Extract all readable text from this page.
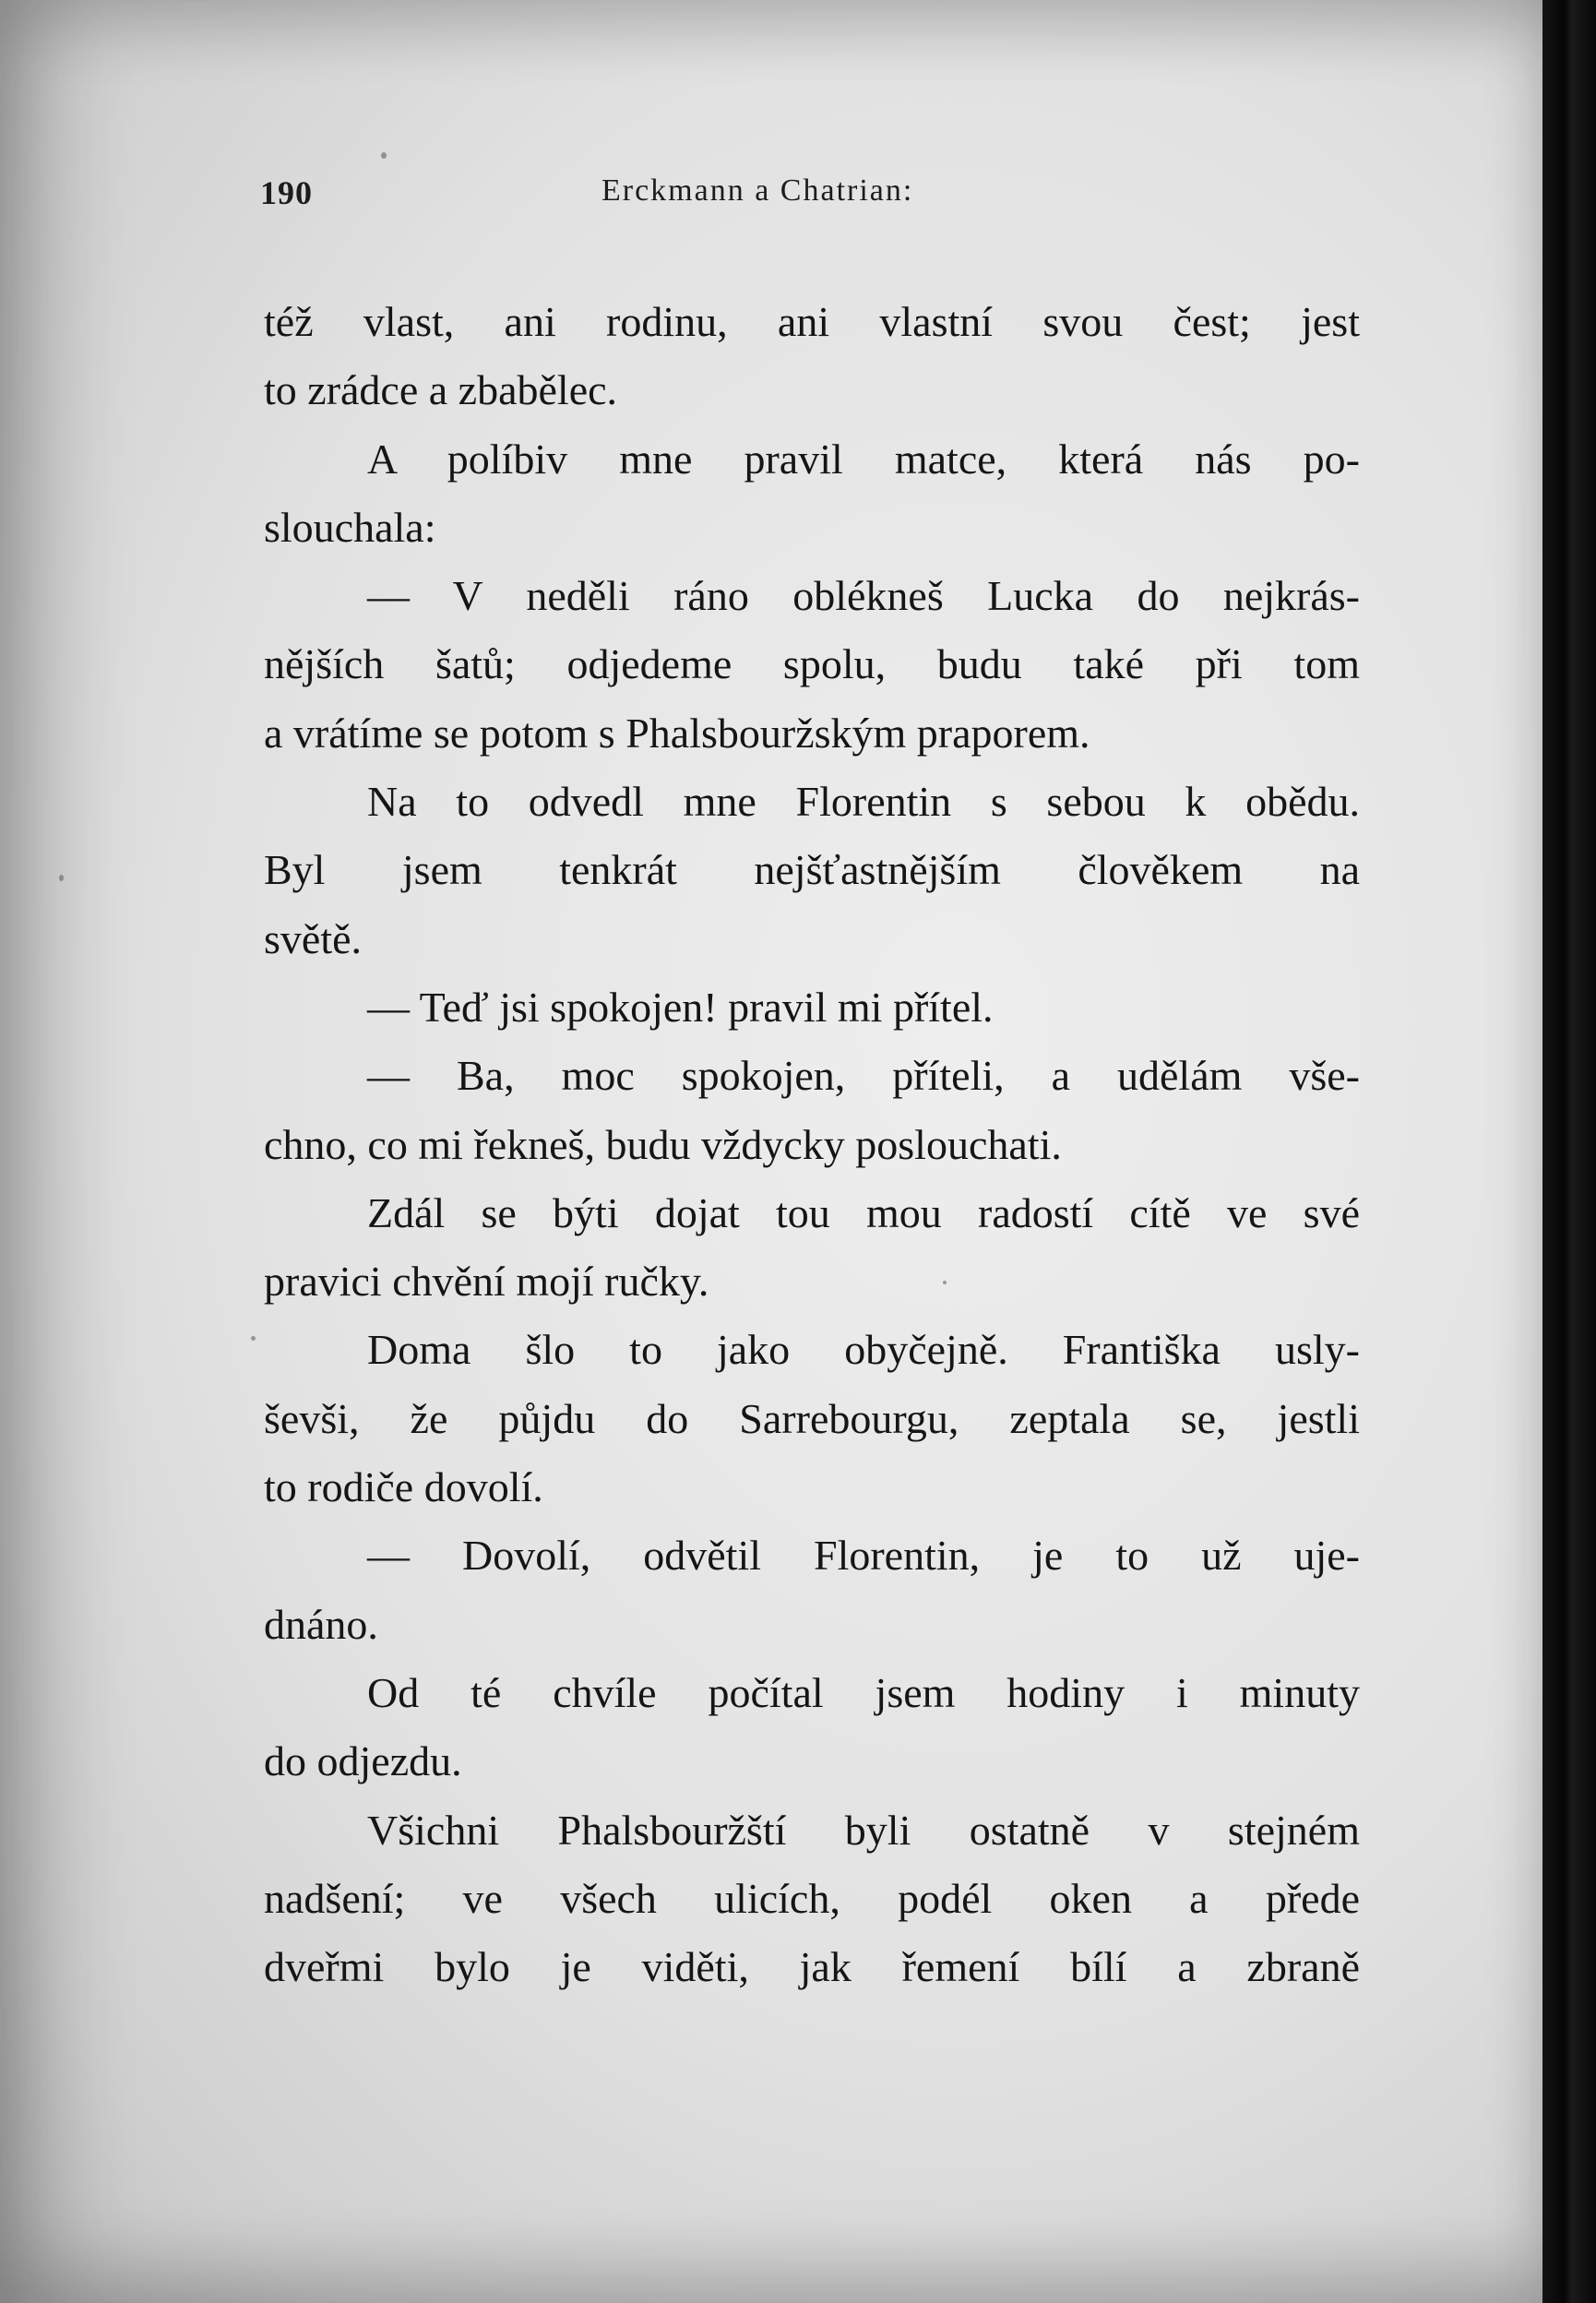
190	Erckmann a Chatrian:
též vlast, ani rodinu, ani vlastní svou čest; jest
to zrádce a zbabělec.
A políbiv mne pravil matce, která nás po-
slouchala:
— V neděli ráno oblékneš Lucka do nejkrás-
nějších šatů; odjedeme spolu, budu také při tom
a vrátíme se potom s Phalsbouržským praporem.
Na to odvedl mne Florentin s sebou k obědu.
Byl jsem tenkrát nejšťastnějším člověkem na
světě.
— Teď jsi spokojen! pravil mi přítel.
— Ba, moc spokojen, příteli, a udělám vše-
chno, co mi řekneš, budu vždycky poslouchati.
Zdál se býti dojat tou mou radostí cítě ve své
pravici chvění mojí ručky.
Doma šlo to jako obyčejně. Františka usly-
ševši, že půjdu do Sarrebourgu, zeptala se, jestli
to rodiče dovolí.
— Dovolí, odvětil Florentin, je to už uje-
dnáno.
Od té chvíle počítal jsem hodiny i minuty
do odjezdu.
Všichni Phalsbouržští byli ostatně v stejném
nadšení; ve všech ulicích, podél oken a přede
dveřmi bylo je viděti, jak řemení bílí a zbraně
